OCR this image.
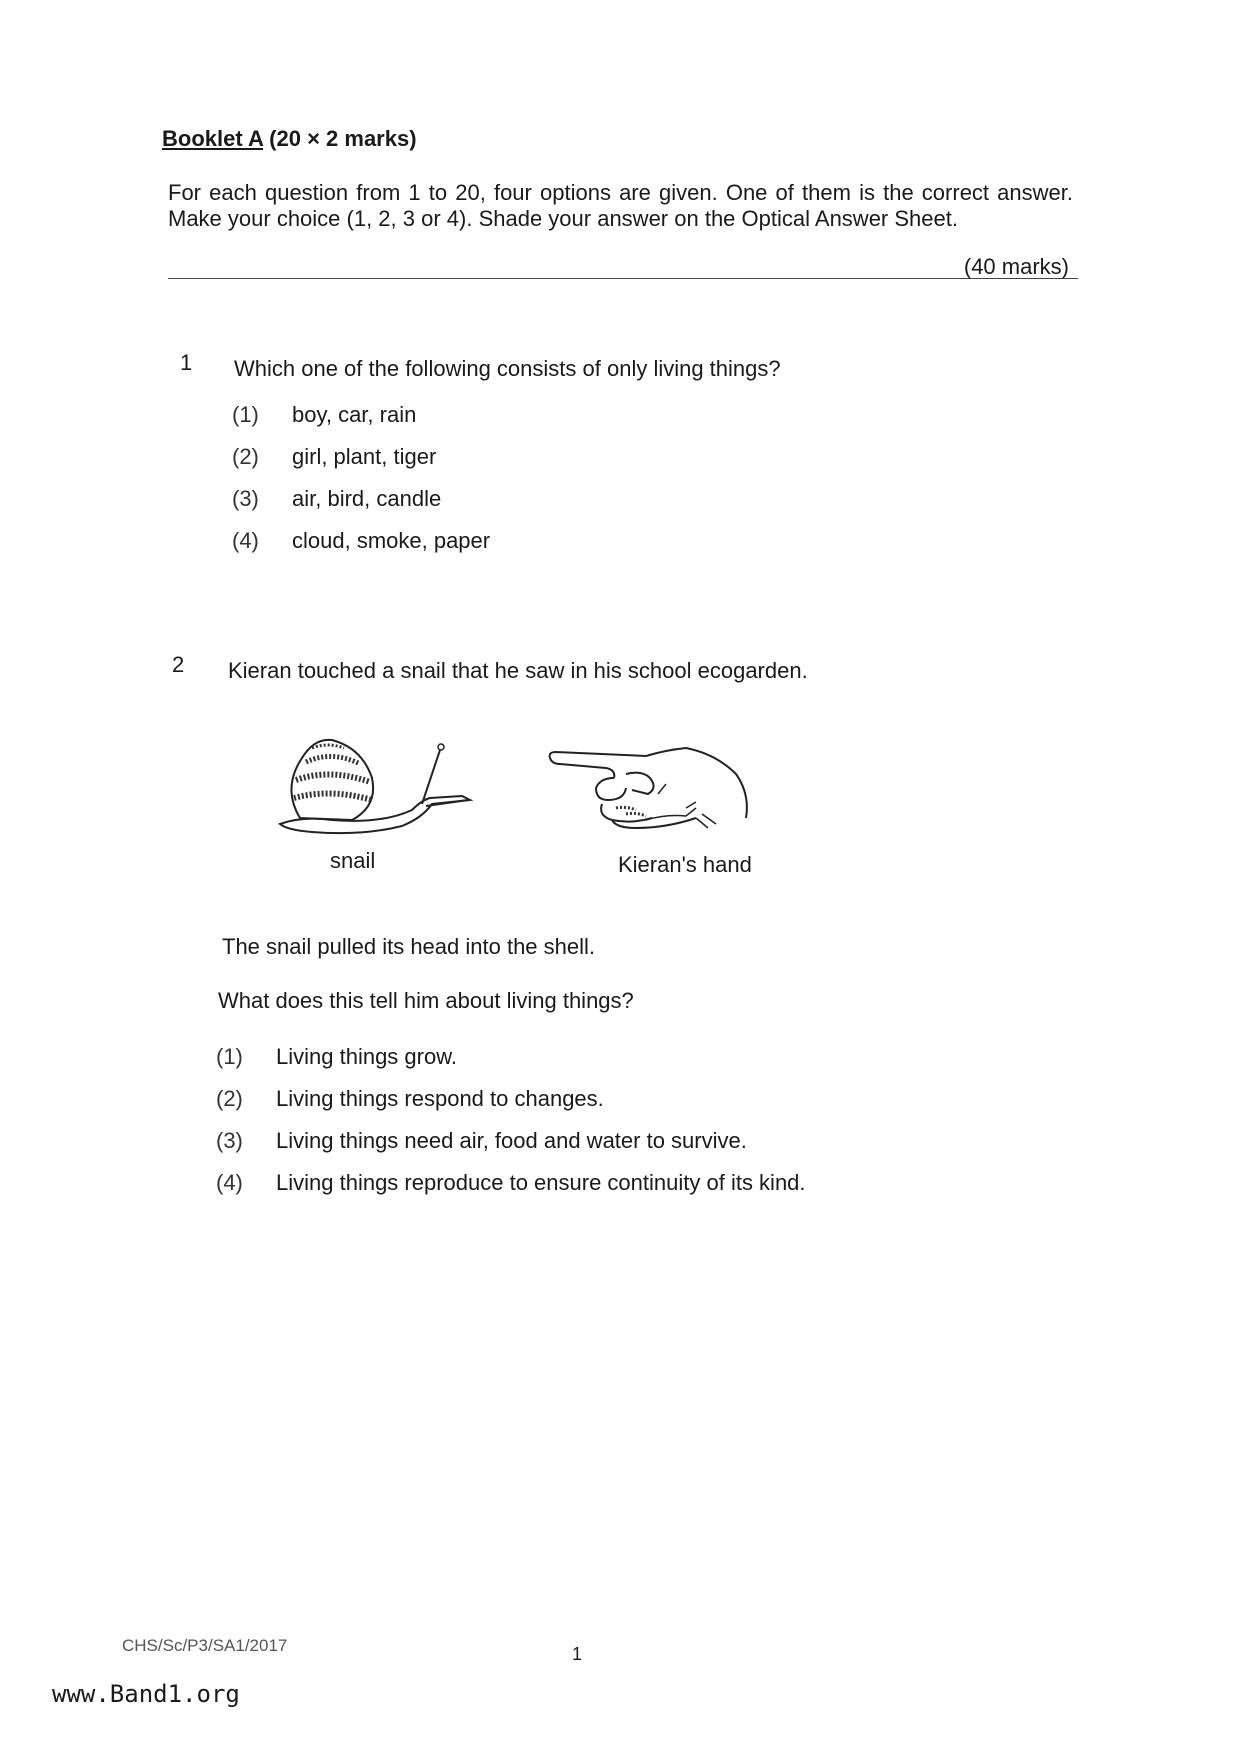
Booklet A (20 × 2 marks)
For each question from 1 to 20, four options are given. One of them is the correct answer. Make your choice (1, 2, 3 or 4). Shade your answer on the Optical Answer Sheet.
(40 marks)
1 Which one of the following consists of only living things?
(1)	boy, car, rain
(2)	girl, plant, tiger
(3)	air, bird, candle
(4)	cloud, smoke, paper
2 Kieran touched a snail that he saw in his school ecogarden.
snail	Kieran's hand
The snail pulled its head into the shell.
What does this tell him about living things?
(1)	Living things grow.
(2)	Living things respond to changes.
(3)	Living things need air, food and water to survive.
(4)	Living things reproduce to ensure continuity of its kind.
CHS/Sc/P3/SA1/2017	1
www.Band1.org
